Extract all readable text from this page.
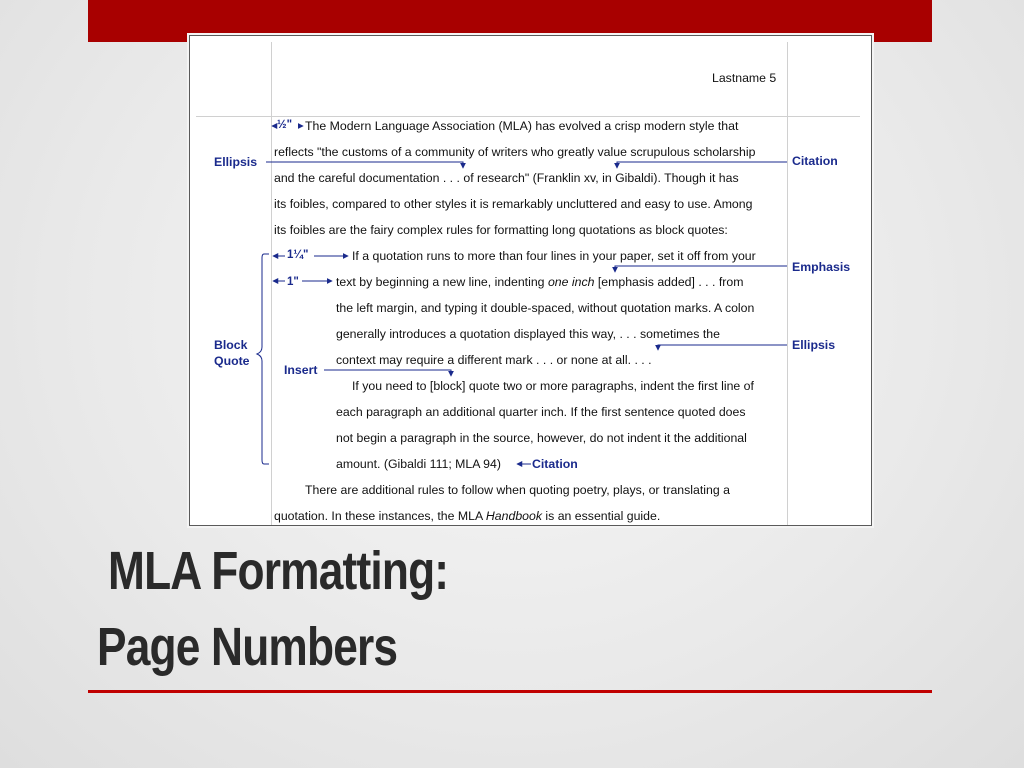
Lastname 5
The Modern Language Association (MLA) has evolved a crisp modern style that
reflects "the customs of a community of writers who greatly value scrupulous scholarship
and the careful documentation . . . of research" (Franklin xv, in Gibaldi). Though it has
its foibles, compared to other styles it is remarkably uncluttered and easy to use. Among
its foibles are the fairy complex rules for formatting long quotations as block quotes:
If a quotation runs to more than four lines in your paper, set it off from your
text by beginning a new line, indenting one inch [emphasis added] . . . from
the left margin, and typing it double-spaced, without quotation marks. A colon
generally introduces a quotation displayed this way, . . . sometimes the
context may require a different mark . . . or none at all. . . .
If you need to [block] quote two or more paragraphs, indent the first line of
each paragraph an additional quarter inch. If the first sentence quoted does
not begin a paragraph in the source, however, do not indent it the additional
amount. (Gibaldi 111; MLA 94)
There are additional rules to follow when quoting poetry, plays, or translating a
quotation. In these instances, the MLA Handbook is an essential guide.
½"
1¼"
1"
Ellipsis	Citation
Emphasis
Ellipsis
Block
Quote
Insert
Citation
MLA Formatting:
Page Numbers
